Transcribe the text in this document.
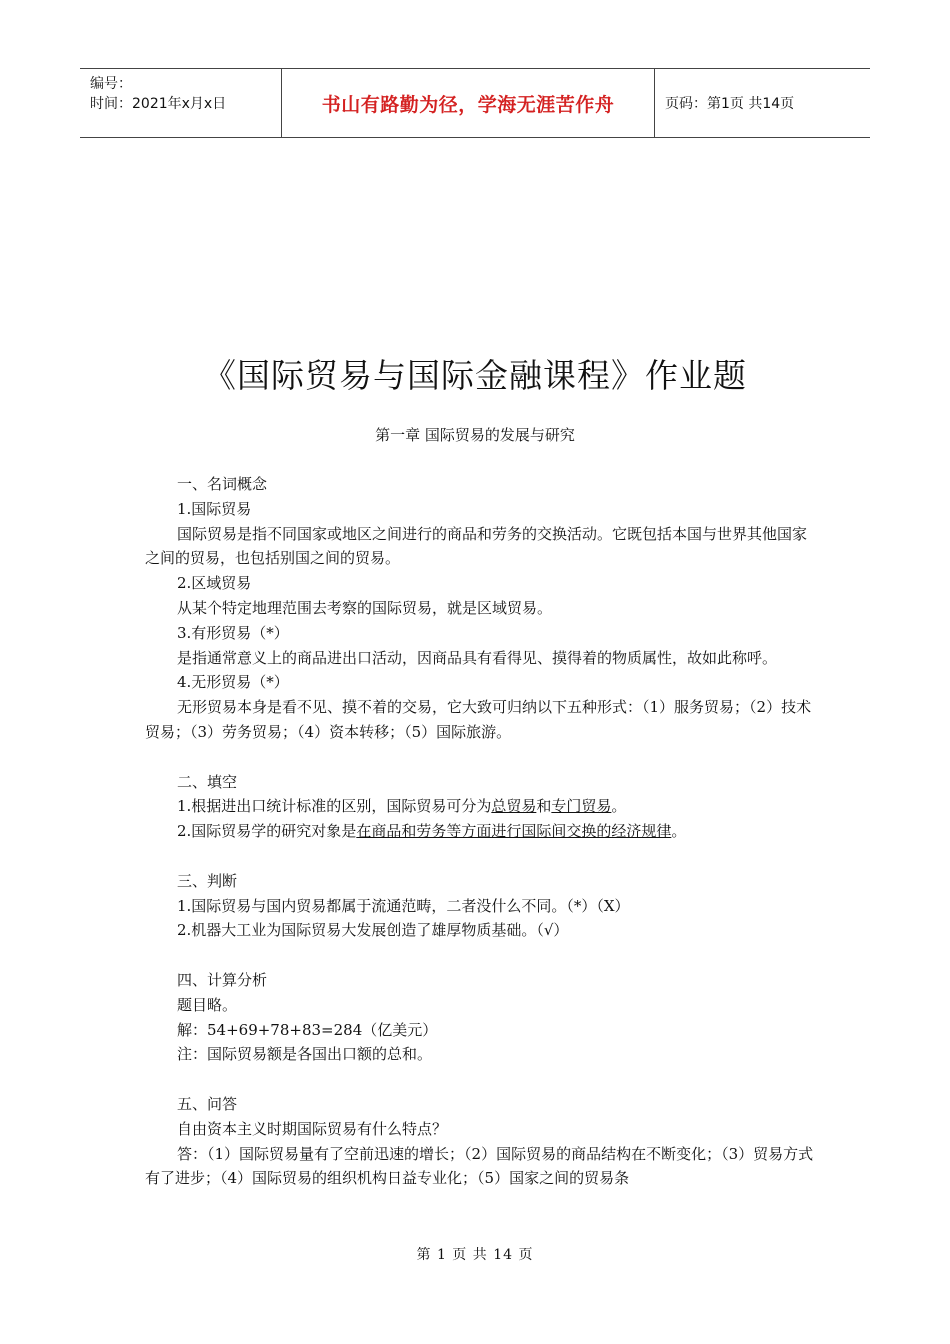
编号：
时间：2021年x月x日	书山有路勤为径，学海无涯苦作舟	页码：第1页 共14页
《国际贸易与国际金融课程》作业题
第一章 国际贸易的发展与研究

一、名词概念

1.国际贸易

国际贸易是指不同国家或地区之间进行的商品和劳务的交换活动。它既包括本国与世界其他国家之间的贸易，也包括别国之间的贸易。

2.区域贸易

从某个特定地理范围去考察的国际贸易，就是区域贸易。

3.有形贸易（*）

是指通常意义上的商品进出口活动，因商品具有看得见、摸得着的物质属性，故如此称呼。

4.无形贸易（*）

无形贸易本身是看不见、摸不着的交易，它大致可归纳以下五种形式：（1）服务贸易；（2）技术贸易；（3）劳务贸易；（4）资本转移；（5）国际旅游。

二、填空

1.根据进出口统计标准的区别，国际贸易可分为总贸易和专门贸易。

2.国际贸易学的研究对象是在商品和劳务等方面进行国际间交换的经济规律。

三、判断

1.国际贸易与国内贸易都属于流通范畴，二者没什么不同。（*）（X）

2.机器大工业为国际贸易大发展创造了雄厚物质基础。（√）

四、计算分析

题目略。

解：54+69+78+83=284（亿美元）

注：国际贸易额是各国出口额的总和。

五、问答

自由资本主义时期国际贸易有什么特点？

答：（1）国际贸易量有了空前迅速的增长；（2）国际贸易的商品结构在不断变化；（3）贸易方式有了进步；（4）国际贸易的组织机构日益专业化；（5）国家之间的贸易条

第 1 页 共 14 页
